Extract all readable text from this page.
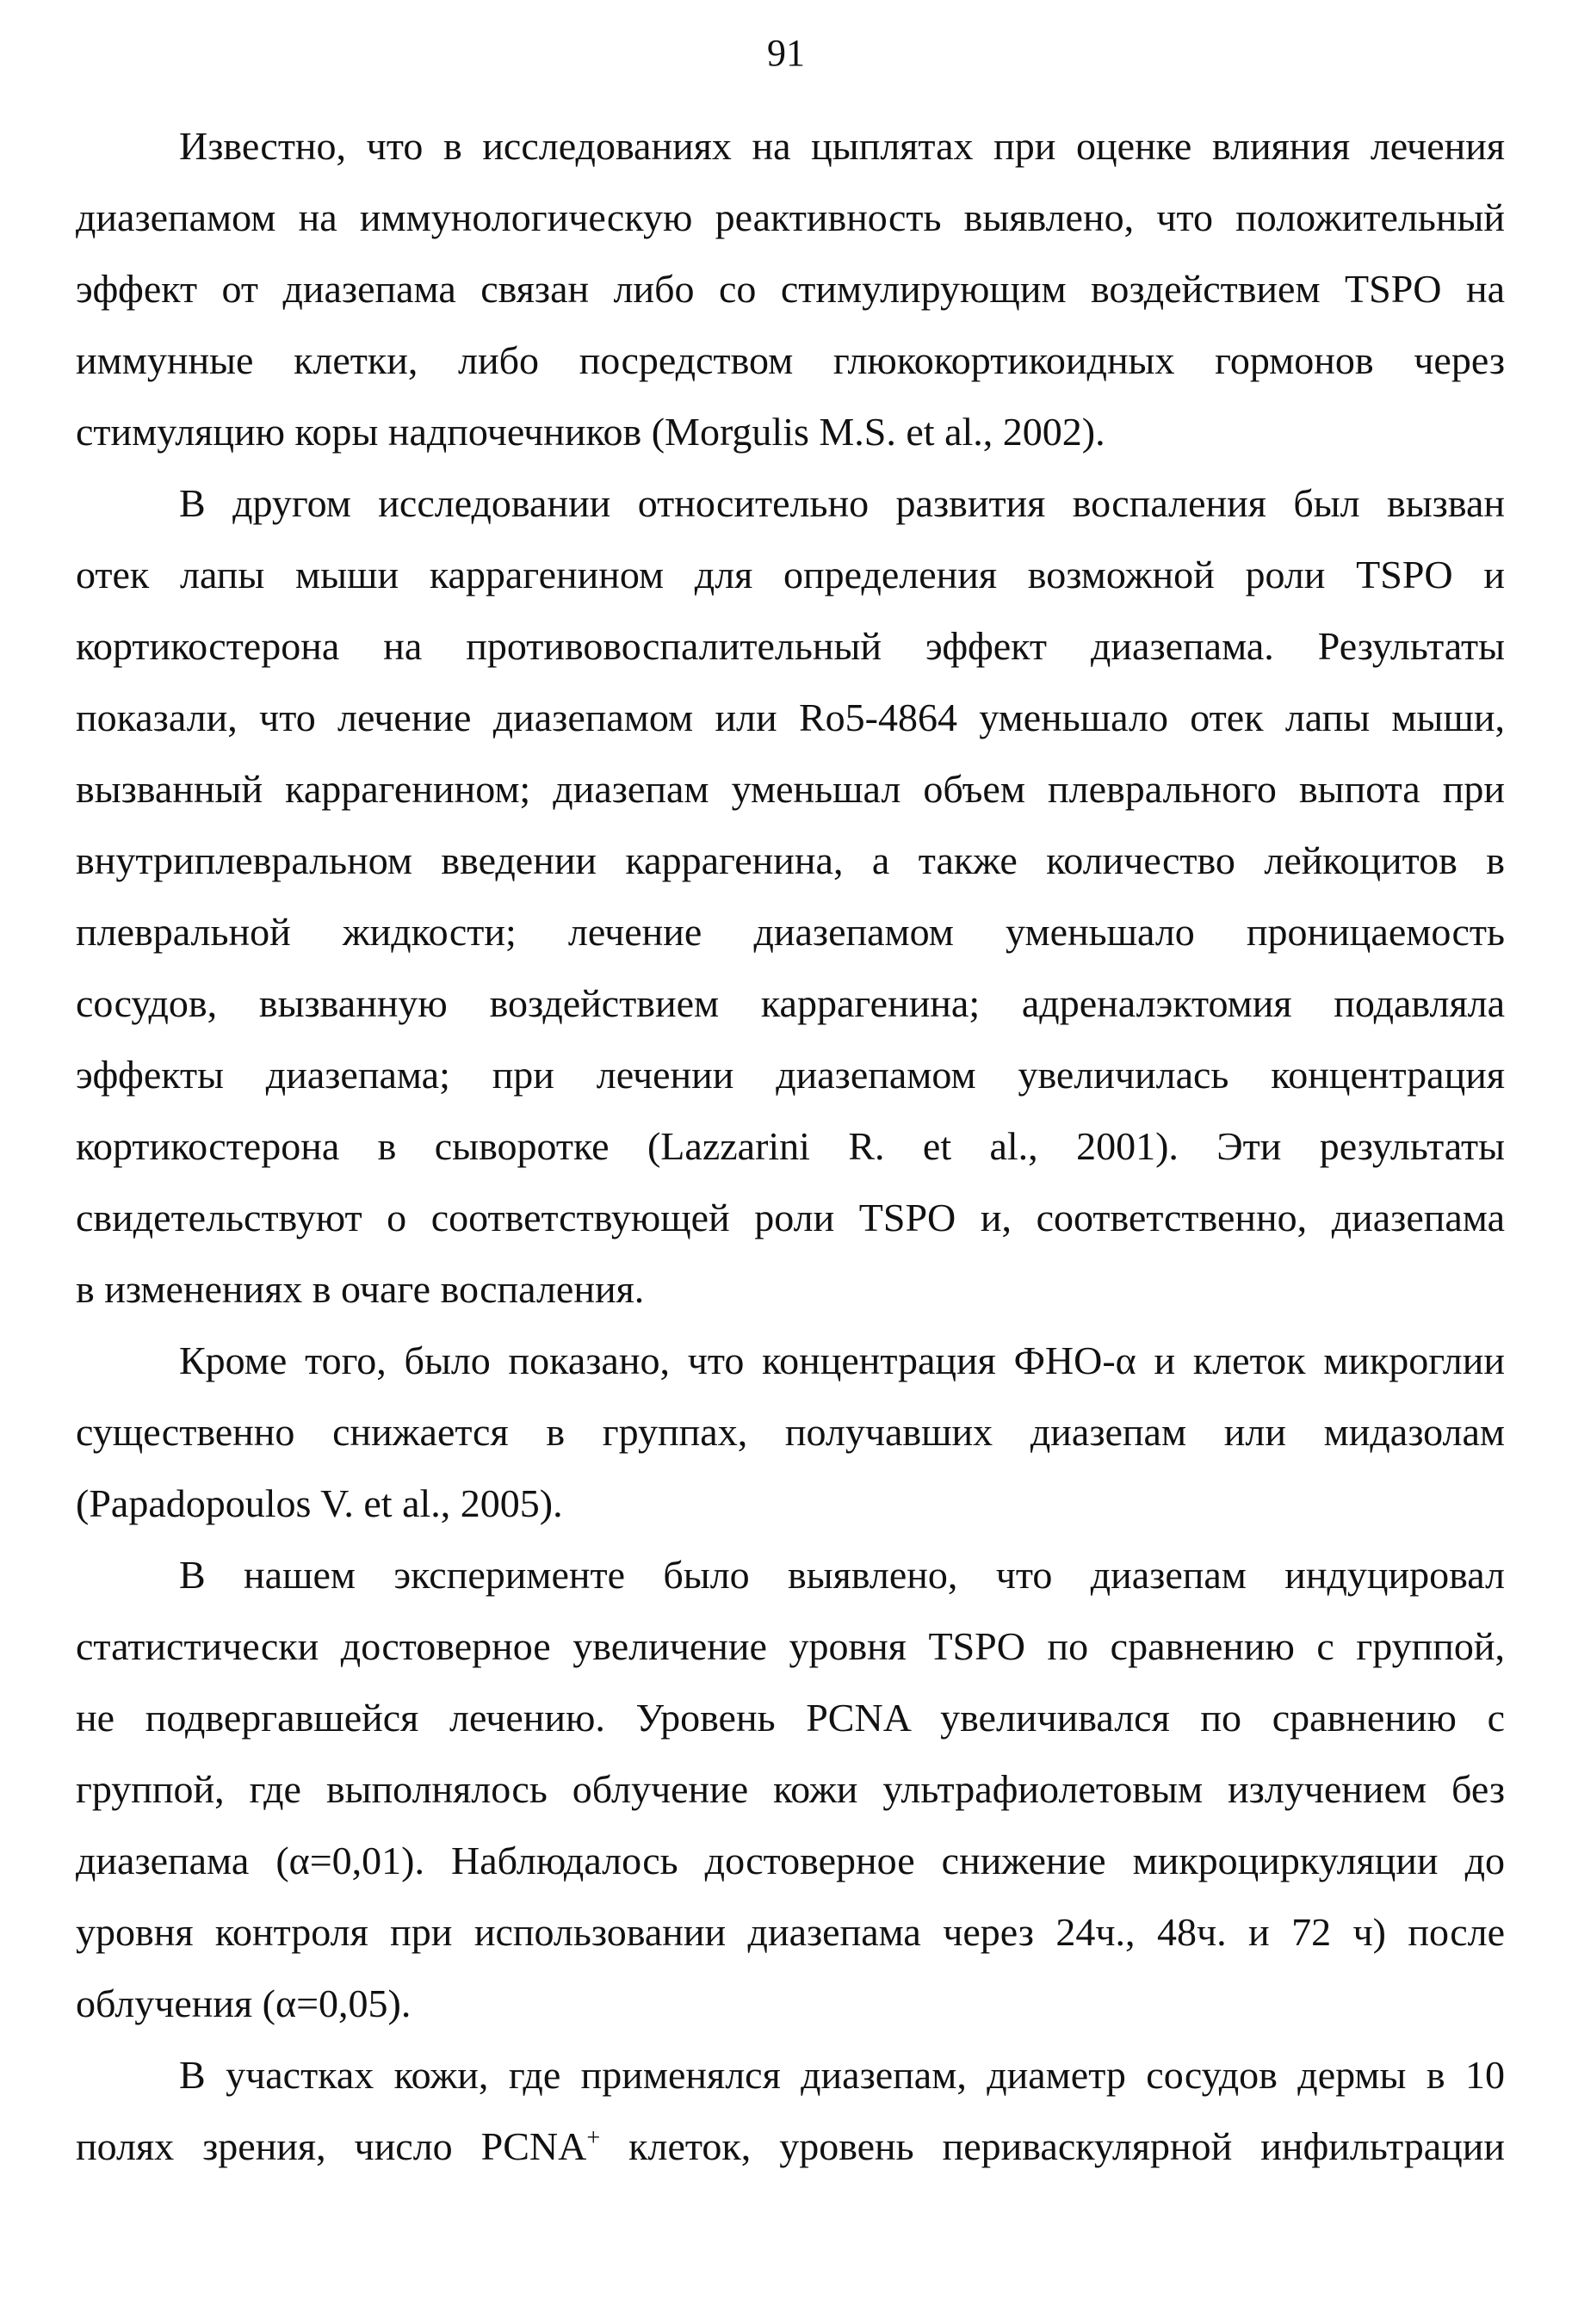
91
Известно, что в исследованиях на цыплятах при оценке влияния лечения
диазепамом на иммунологическую реактивность выявлено, что положительный
эффект от диазепама связан либо со стимулирующим воздействием TSPO на
иммунные клетки, либо посредством глюкокортикоидных гормонов через
стимуляцию коры надпочечников (Morgulis M.S. et al., 2002).
В другом исследовании относительно развития воспаления был вызван
отек лапы мыши каррагенином для определения возможной роли TSPO и
кортикостерона на противовоспалительный эффект диазепама. Результаты
показали, что лечение диазепамом или Ro5-4864 уменьшало отек лапы мыши,
вызванный каррагенином; диазепам уменьшал объем плеврального выпота при
внутриплевральном введении каррагенина, а также количество лейкоцитов в
плевральной жидкости; лечение диазепамом уменьшало проницаемость
сосудов, вызванную воздействием каррагенина; адреналэктомия подавляла
эффекты диазепама; при лечении диазепамом увеличилась концентрация
кортикостерона в сыворотке (Lazzarini R. et al., 2001). Эти результаты
свидетельствуют о соответствующей роли TSPO и, соответственно, диазепама
в изменениях в очаге воспаления.
Кроме того, было показано, что концентрация ФНО-α и клеток микроглии
существенно снижается в группах, получавших диазепам или мидазолам
(Papadopoulos V. et al., 2005).
В нашем эксперименте было выявлено, что диазепам индуцировал
статистически достоверное увеличение уровня TSPO по сравнению с группой,
не подвергавшейся лечению. Уровень PCNA увеличивался по сравнению с
группой, где выполнялось облучение кожи ультрафиолетовым излучением без
диазепама (α=0,01). Наблюдалось достоверное снижение микроциркуляции до
уровня контроля при использовании диазепама через 24ч., 48ч. и 72 ч) после
облучения (α=0,05).
В участках кожи, где применялся диазепам, диаметр сосудов дермы в 10
полях зрения, число PCNA+ клеток, уровень периваскулярной инфильтрации
